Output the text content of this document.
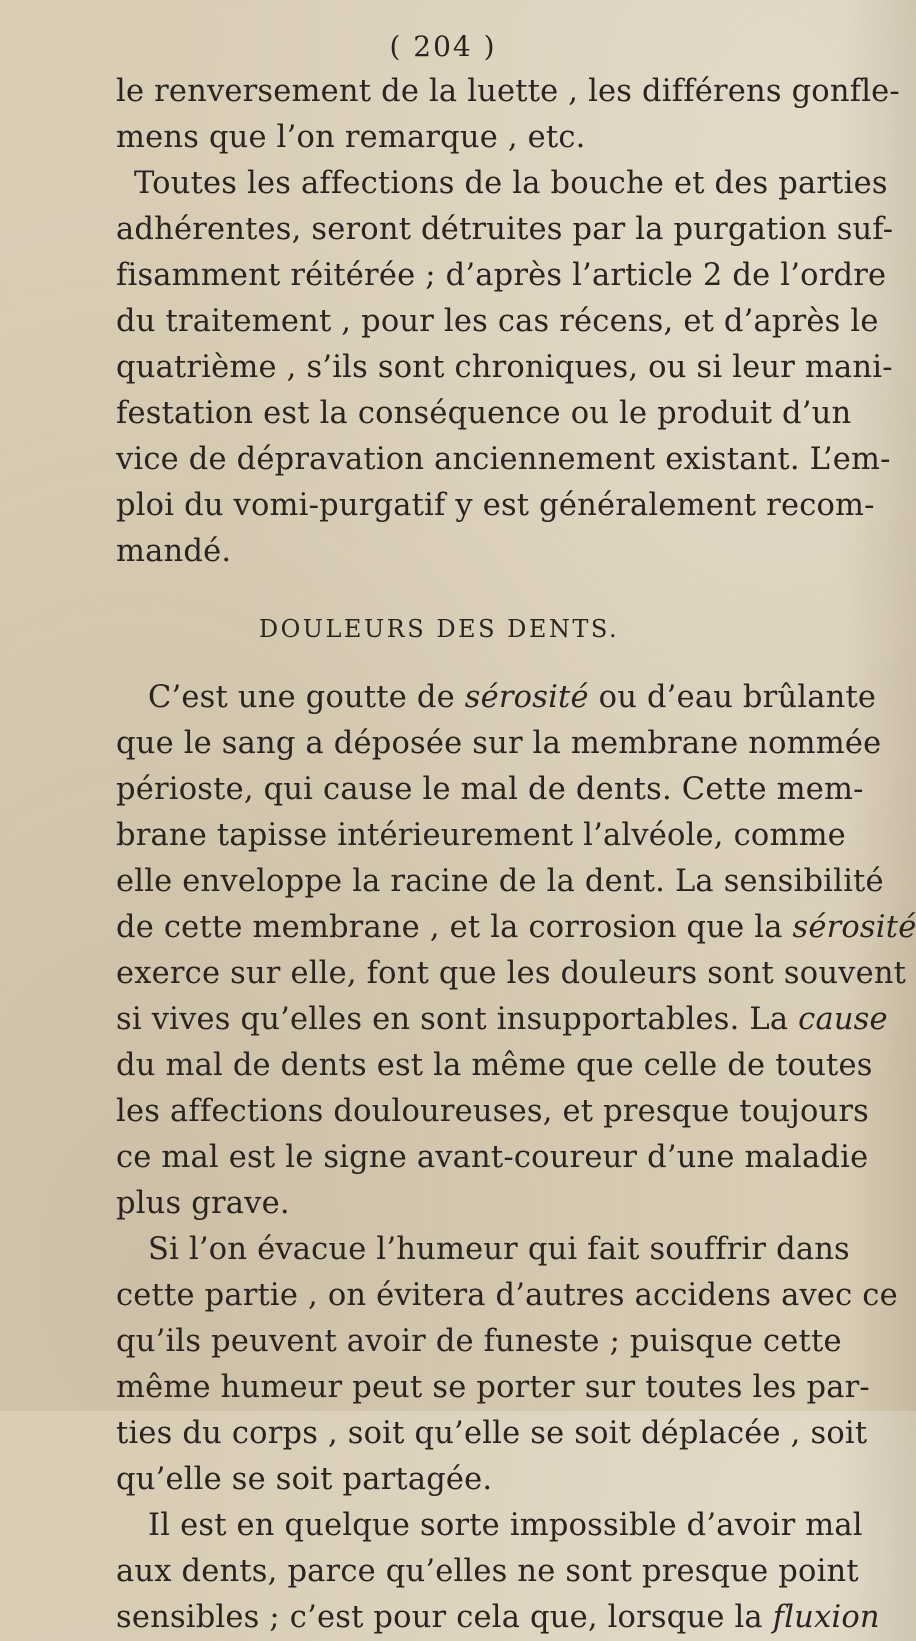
( 204 )
le renversement de la luette , les différens gonfle-
mens que l’on remarque , etc.
Toutes les affections de la bouche et des parties
adhérentes, seront détruites par la purgation suf-
fisamment réitérée ; d’après l’article 2 de l’ordre
du traitement , pour les cas récens, et d’après le
quatrième , s’ils sont chroniques, ou si leur mani-
festation est la conséquence ou le produit d’un
vice de dépravation anciennement existant. L’em-
ploi du vomi-purgatif y est généralement recom-
mandé.
DOULEURS DES DENTS.
C’est une goutte de sérosité ou d’eau brûlante
que le sang a déposée sur la membrane nommée
périoste, qui cause le mal de dents. Cette mem-
brane tapisse intérieurement l’alvéole, comme
elle enveloppe la racine de la dent. La sensibilité
de cette membrane , et la corrosion que la sérosité
exerce sur elle, font que les douleurs sont souvent
si vives qu’elles en sont insupportables. La cause
du mal de dents est la même que celle de toutes
les affections douloureuses, et presque toujours
ce mal est le signe avant-coureur d’une maladie
plus grave.
Si l’on évacue l’humeur qui fait souffrir dans
cette partie , on évitera d’autres accidens avec ce
qu’ils peuvent avoir de funeste ; puisque cette
même humeur peut se porter sur toutes les par-
ties du corps , soit qu’elle se soit déplacée , soit
qu’elle se soit partagée.
Il est en quelque sorte impossible d’avoir mal
aux dents, parce qu’elles ne sont presque point
sensibles ; c’est pour cela que, lorsque la fluxion
